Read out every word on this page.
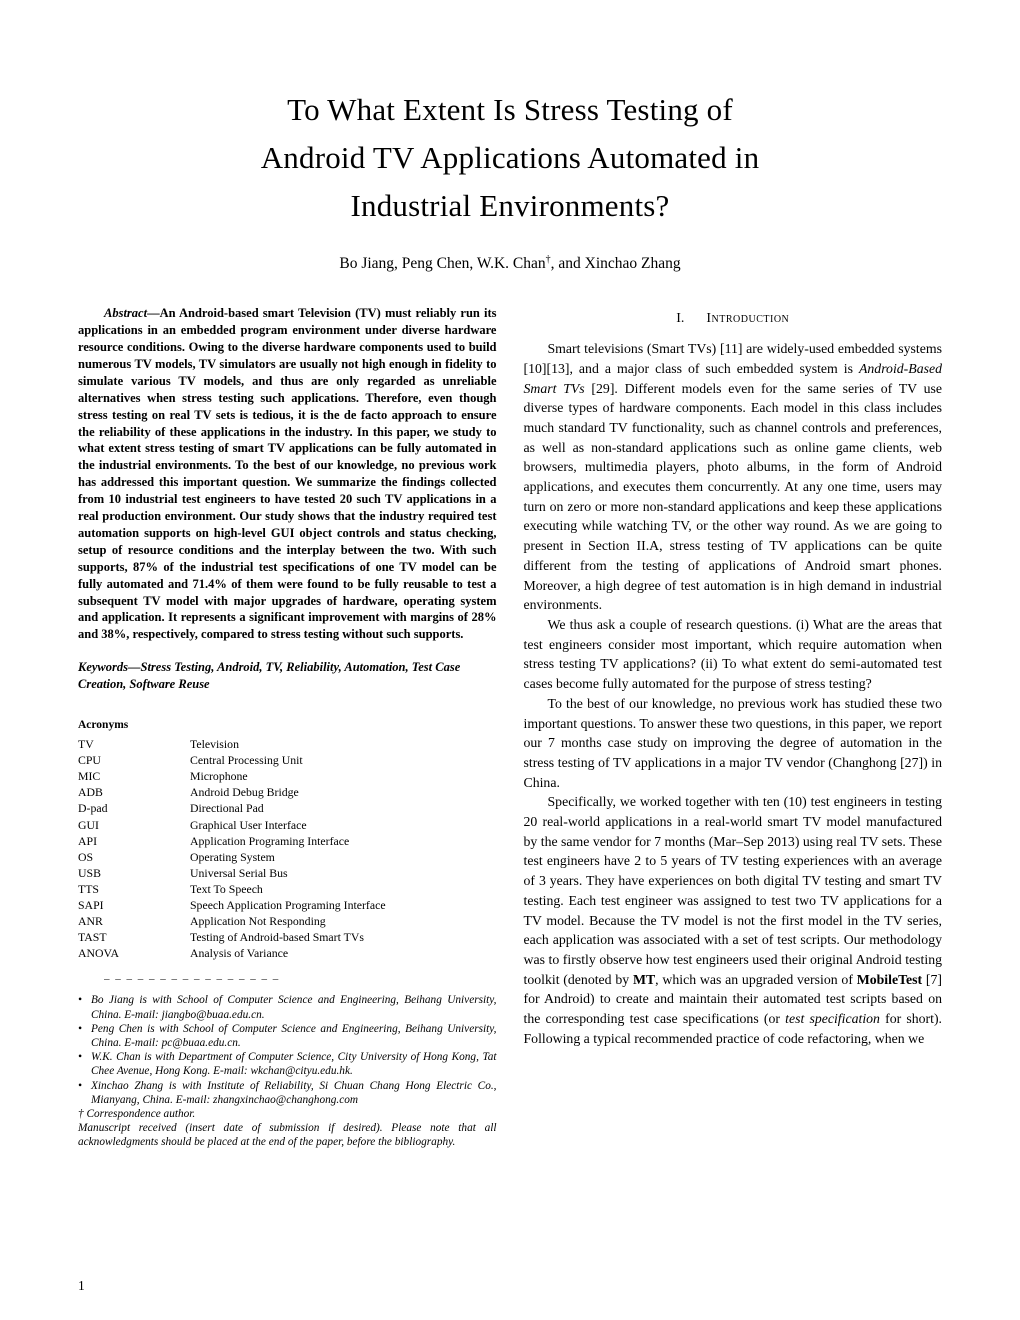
To What Extent Is Stress Testing of
Android TV Applications Automated in
Industrial Environments?
Bo Jiang, Peng Chen, W.K. Chan†, and Xinchao Zhang

Abstract—An Android-based smart Television (TV) must reliably run its applications in an embedded program environment under diverse hardware resource conditions. Owing to the diverse hardware components used to build numerous TV models, TV simulators are usually not high enough in fidelity to simulate various TV models, and thus are only regarded as unreliable alternatives when stress testing such applications. Therefore, even though stress testing on real TV sets is tedious, it is the de facto approach to ensure the reliability of these applications in the industry. In this paper, we study to what extent stress testing of smart TV applications can be fully automated in the industrial environments. To the best of our knowledge, no previous work has addressed this important question. We summarize the findings collected from 10 industrial test engineers to have tested 20 such TV applications in a real production environment. Our study shows that the industry required test automation supports on high-level GUI object controls and status checking, setup of resource conditions and the interplay between the two. With such supports, 87% of the industrial test specifications of one TV model can be fully automated and 71.4% of them were found to be fully reusable to test a subsequent TV model with major upgrades of hardware, operating system and application. It represents a significant improvement with margins of 28% and 38%, respectively, compared to stress testing without such supports.

Keywords—Stress Testing, Android, TV, Reliability, Automation, Test Case Creation, Software Reuse

Acronyms

TV	Television
CPU	Central Processing Unit
MIC	Microphone
ADB	Android Debug Bridge
D-pad	Directional Pad
GUI	Graphical User Interface
API	Application Programing Interface
OS	Operating System
USB	Universal Serial Bus
TTS	Text To Speech
SAPI	Speech Application Programing Interface
ANR	Application Not Responding
TAST	Testing of Android-based Smart TVs
ANOVA	Analysis of Variance
– – – – – – – – – – – – – – – –
• Bo Jiang is with School of Computer Science and Engineering, Beihang University, China. E-mail: jiangbo@buaa.edu.cn.
• Peng Chen is with School of Computer Science and Engineering, Beihang University, China. E-mail: pc@buaa.edu.cn.
• W.K. Chan is with Department of Computer Science, City University of Hong Kong, Tat Chee Avenue, Hong Kong. E-mail: wkchan@cityu.edu.hk.
• Xinchao Zhang is with Institute of Reliability, Si Chuan Chang Hong Electric Co., Mianyang, China. E-mail: zhangxinchao@changhong.com

† Correspondence author.

Manuscript received (insert date of submission if desired). Please note that all acknowledgments should be placed at the end of the paper, before the bibliography.

I. Introduction

Smart televisions (Smart TVs) [11] are widely-used embedded systems [10][13], and a major class of such embedded system is Android-Based Smart TVs [29]. Different models even for the same series of TV use diverse types of hardware components. Each model in this class includes much standard TV functionality, such as channel controls and preferences, as well as non-standard applications such as online game clients, web browsers, multimedia players, photo albums, in the form of Android applications, and executes them concurrently. At any one time, users may turn on zero or more non-standard applications and keep these applications executing while watching TV, or the other way round. As we are going to present in Section II.A, stress testing of TV applications can be quite different from the testing of applications of Android smart phones. Moreover, a high degree of test automation is in high demand in industrial environments.

We thus ask a couple of research questions. (i) What are the areas that test engineers consider most important, which require automation when stress testing TV applications? (ii) To what extent do semi-automated test cases become fully automated for the purpose of stress testing?

To the best of our knowledge, no previous work has studied these two important questions. To answer these two questions, in this paper, we report our 7 months case study on improving the degree of automation in the stress testing of TV applications in a major TV vendor (Changhong [27]) in China.

Specifically, we worked together with ten (10) test engineers in testing 20 real-world applications in a real-world smart TV model manufactured by the same vendor for 7 months (Mar–Sep 2013) using real TV sets. These test engineers have 2 to 5 years of TV testing experiences with an average of 3 years. They have experiences on both digital TV testing and smart TV testing. Each test engineer was assigned to test two TV applications for a TV model. Because the TV model is not the first model in the TV series, each application was associated with a set of test scripts. Our methodology was to firstly observe how test engineers used their original Android testing toolkit (denoted by MT, which was an upgraded version of MobileTest [7] for Android) to create and maintain their automated test scripts based on the corresponding test case specifications (or test specification for short). Following a typical recommended practice of code refactoring, when we

1
